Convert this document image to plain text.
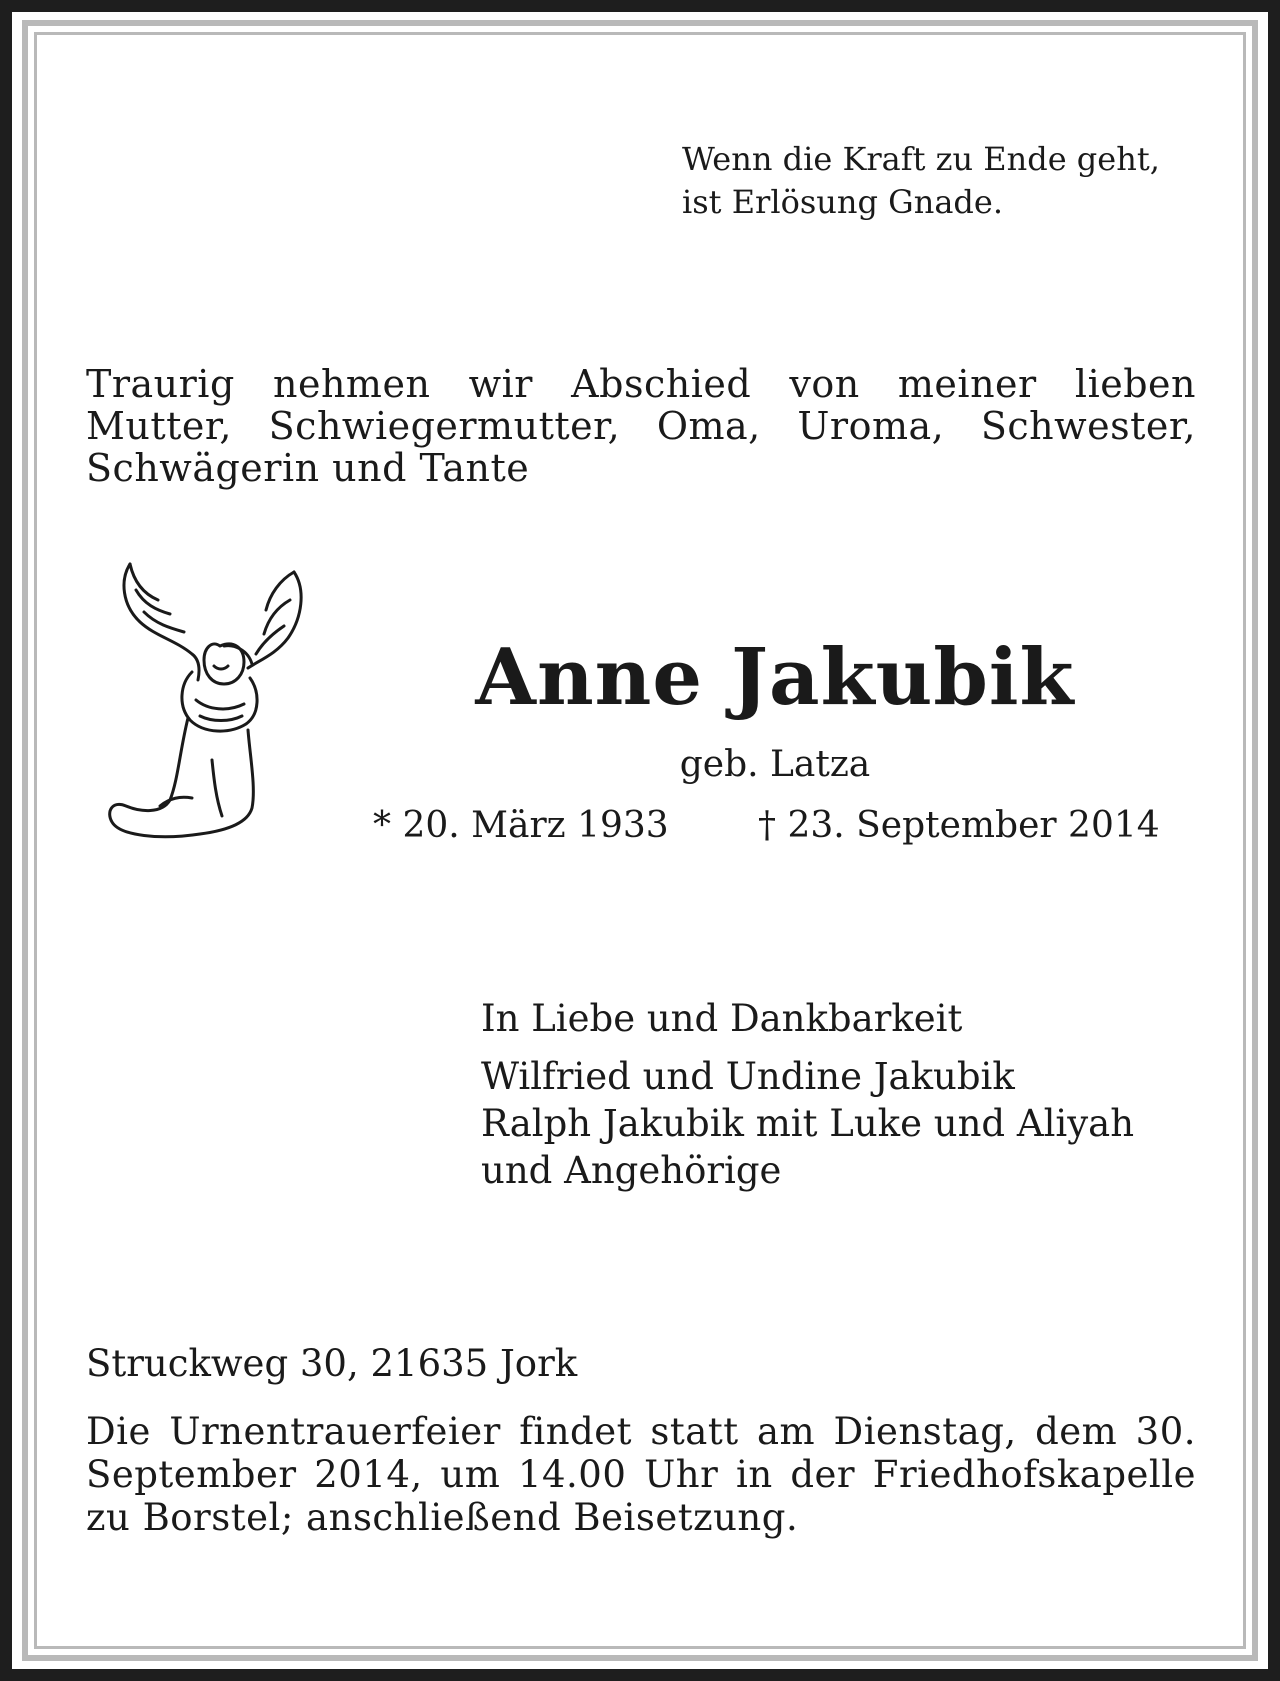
Wenn die Kraft zu Ende geht,
ist Erlösung Gnade.
Traurig nehmen wir Abschied von meiner lieben Mutter, Schwiegermutter, Oma, Uroma, Schwester, Schwägerin und Tante
Anne Jakubik
geb. Latza
* 20. März 1933 † 23. September 2014
In Liebe und Dankbarkeit
Wilfried und Undine Jakubik
Ralph Jakubik mit Luke und Aliyah
und Angehörige
Struckweg 30, 21635 Jork
Die Urnentrauerfeier findet statt am Dienstag, dem 30. September 2014, um 14.00 Uhr in der Friedhofskapelle zu Borstel; anschließend Beisetzung.
